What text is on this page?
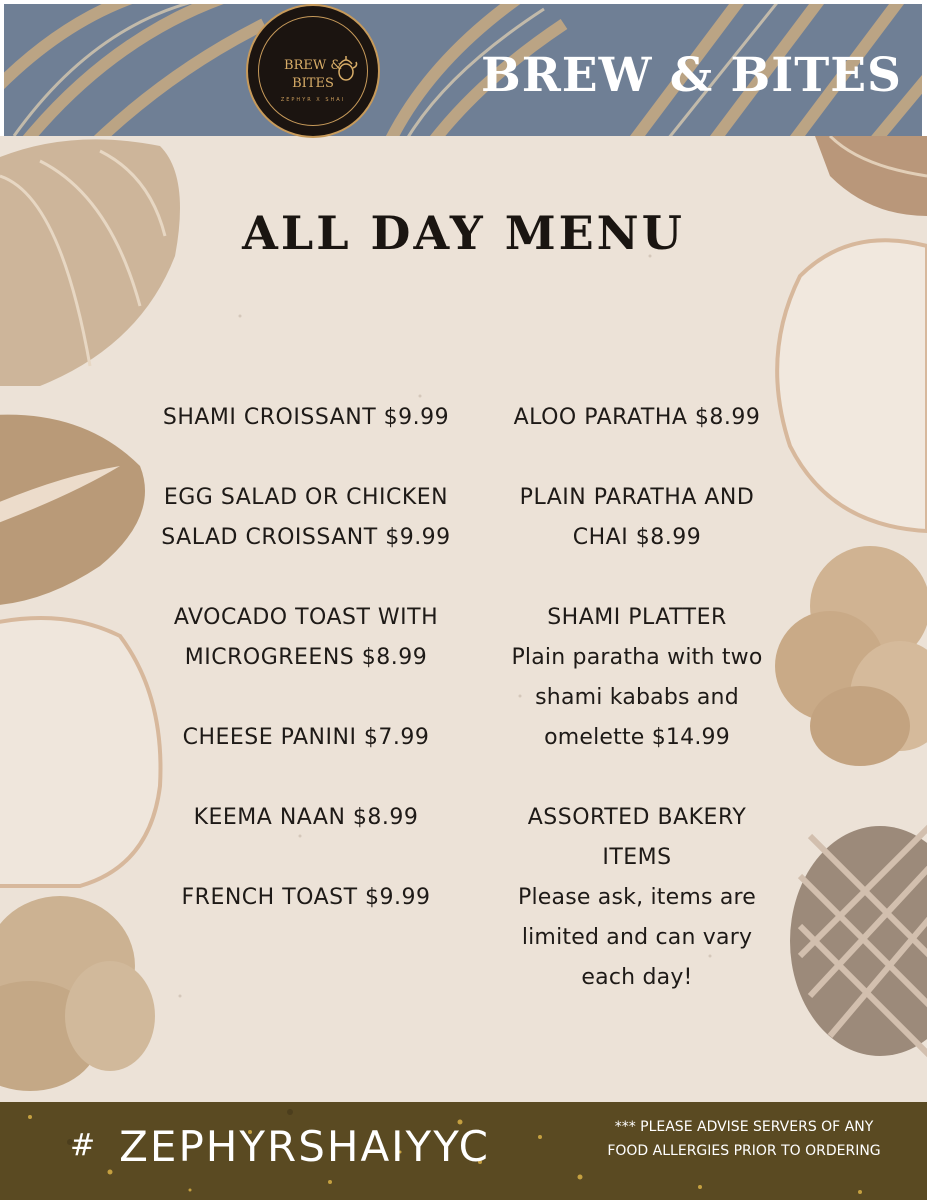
BREW & BITES
BREW &
BITES
ZEPHYR X SHAI
ALL DAY MENU
SHAMI CROISSANT $9.99
EGG SALAD OR CHICKEN SALAD CROISSANT $9.99
AVOCADO TOAST WITH MICROGREENS $8.99
CHEESE PANINI $7.99
KEEMA NAAN $8.99
FRENCH TOAST $9.99
ALOO PARATHA $8.99
PLAIN PARATHA AND CHAI $8.99
SHAMI PLATTER
Plain paratha with two shami kababs and omelette $14.99
ASSORTED BAKERY ITEMS
Please ask, items are limited and can vary each day!
# ZEPHYRSHAIYYC	*** PLEASE ADVISE SERVERS OF ANY FOOD ALLERGIES PRIOR TO ORDERING
